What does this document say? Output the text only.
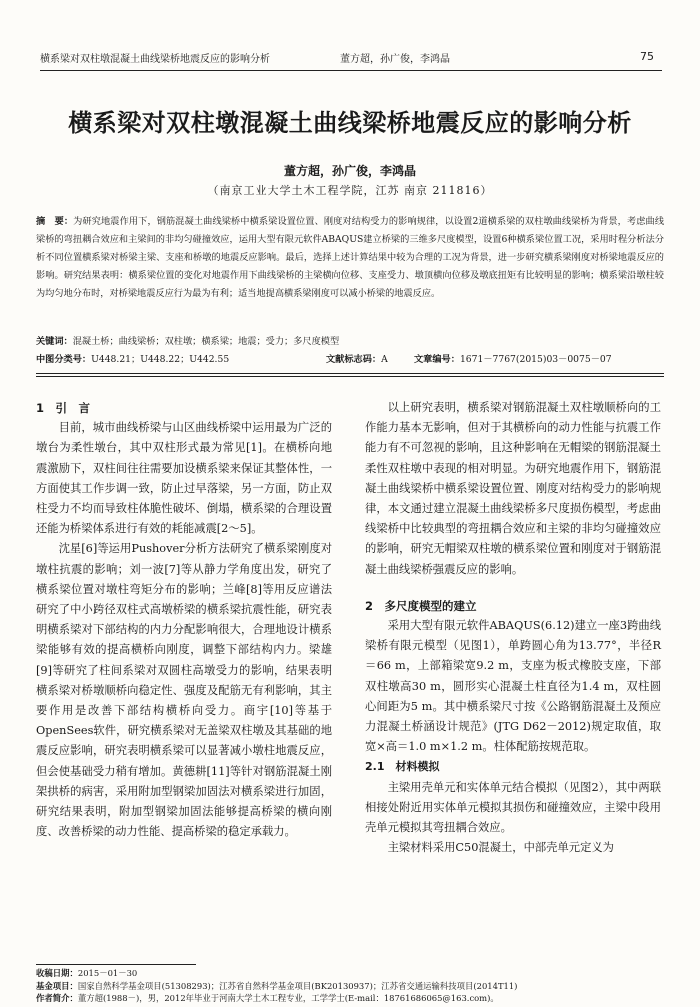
横系梁对双柱墩混凝土曲线梁桥地震反应的影响分析	董方超，孙广俊，李鸿晶	75
横系梁对双柱墩混凝土曲线梁桥地震反应的影响分析
董方超，孙广俊，李鸿晶
（南京工业大学土木工程学院，江苏 南京 211816）
摘　要：为研究地震作用下，钢筋混凝土曲线梁桥中横系梁设置位置、刚度对结构受力的影响规律，以设置2道横系梁的双柱墩曲线梁桥为背景，考虑曲线梁桥的弯扭耦合效应和主梁间的非均匀碰撞效应，运用大型有限元软件ABAQUS建立桥梁的三维多尺度模型，设置6种横系梁位置工况，采用时程分析法分析不同位置横系梁对桥梁主梁、支座和桥墩的地震反应影响。最后，选择上述计算结果中较为合理的工况为背景，进一步研究横系梁刚度对桥梁地震反应的影响。研究结果表明：横系梁位置的变化对地震作用下曲线梁桥的主梁横向位移、支座受力、墩顶横向位移及墩底扭矩有比较明显的影响；横系梁沿墩柱较为均匀地分布时，对桥梁地震反应行为最为有利；适当地提高横系梁刚度可以减小桥梁的地震反应。
关键词：混凝土桥；曲线梁桥；双柱墩；横系梁；地震；受力；多尺度模型
中图分类号：U448.21；U448.22；U442.55	文献标志码：A	文章编号：1671－7767(2015)03－0075－07
1　引　言

目前，城市曲线桥梁与山区曲线桥梁中运用最为广泛的墩台为柔性墩台，其中双柱形式最为常见[1]。在横桥向地震激励下，双柱间往往需要加设横系梁来保证其整体性，一方面使其工作步调一致，防止过早落梁，另一方面，防止双柱受力不均而导致柱体脆性破坏、倒塌，横系梁的合理设置还能为桥梁体系进行有效的耗能减震[2～5]。

沈星[6]等运用Pushover分析方法研究了横系梁刚度对墩柱抗震的影响；刘一波[7]等从静力学角度出发，研究了横系梁位置对墩柱弯矩分布的影响；兰峰[8]等用反应谱法研究了中小跨径双柱式高墩桥梁的横系梁抗震性能，研究表明横系梁对下部结构的内力分配影响很大，合理地设计横系梁能够有效的提高横桥向刚度，调整下部结构内力。梁雄[9]等研究了柱间系梁对双圆柱高墩受力的影响，结果表明横系梁对桥墩顺桥向稳定性、强度及配筋无有利影响，其主要作用是改善下部结构横桥向受力。商宇[10]等基于OpenSees软件，研究横系梁对无盖梁双柱墩及其基础的地震反应影响，研究表明横系梁可以显著减小墩柱地震反应，但会使基础受力稍有增加。黄德耕[11]等针对钢筋混凝土刚架拱桥的病害，采用附加型钢梁加固法对横系梁进行加固，研究结果表明，附加型钢梁加固法能够提高桥梁的横向刚度、改善桥梁的动力性能、提高桥梁的稳定承载力。

以上研究表明，横系梁对钢筋混凝土双柱墩顺桥向的工作能力基本无影响，但对于其横桥向的动力性能与抗震工作能力有不可忽视的影响，且这种影响在无帽梁的钢筋混凝土柔性双柱墩中表现的相对明显。为研究地震作用下，钢筋混凝土曲线梁桥中横系梁设置位置、刚度对结构受力的影响规律，本文通过建立混凝土曲线梁桥多尺度损伤模型，考虑曲线梁桥中比较典型的弯扭耦合效应和主梁的非均匀碰撞效应的影响，研究无帽梁双柱墩的横系梁位置和刚度对于钢筋混凝土曲线梁桥强震反应的影响。

2　多尺度模型的建立

采用大型有限元软件ABAQUS(6.12)建立一座3跨曲线梁桥有限元模型（见图1），单跨圆心角为13.77°，半径R＝66 m，上部箱梁宽9.2 m，支座为板式橡胶支座，下部双柱墩高30 m，圆形实心混凝土柱直径为1.4 m，双柱圆心间距为5 m。其中横系梁尺寸按《公路钢筋混凝土及预应力混凝土桥涵设计规范》(JTG D62－2012)规定取值，取宽×高＝1.0 m×1.2 m。柱体配筋按规范取。

2.1　材料模拟

主梁用壳单元和实体单元结合模拟（见图2），其中两联相接处附近用实体单元模拟其损伤和碰撞效应，主梁中段用壳单元模拟其弯扭耦合效应。

主梁材料采用C50混凝土，中部壳单元定义为

收稿日期：2015－01－30
基金项目：国家自然科学基金项目(51308293)；江苏省自然科学基金项目(BK20130937)；江苏省交通运输科技项目(2014T11)
作者简介：董方超(1988－)，男，2012年毕业于河南大学土木工程专业，工学学士(E-mail：18761686065@163.com)。
